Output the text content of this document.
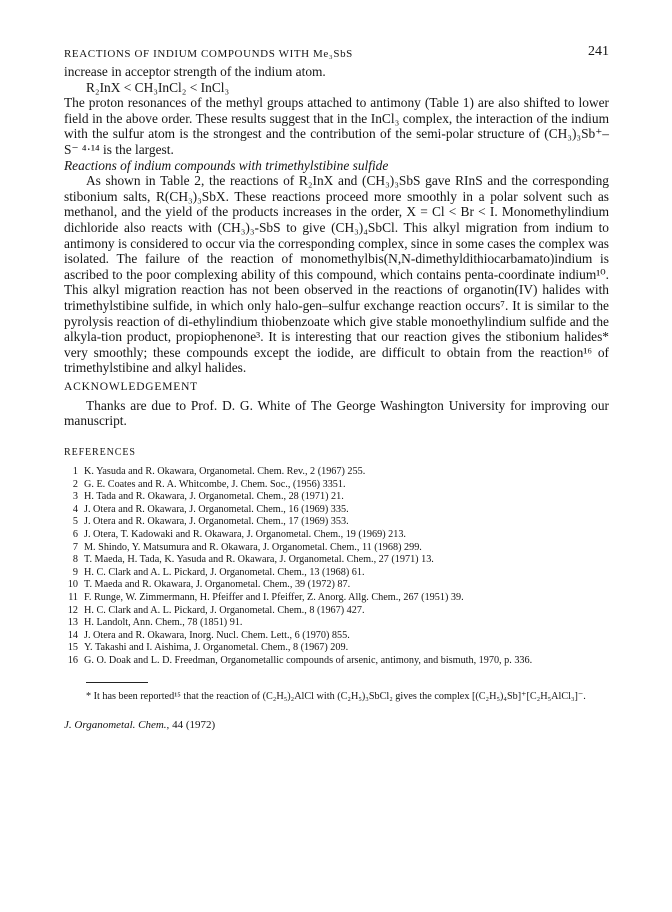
REACTIONS OF INDIUM COMPOUNDS WITH Me₃SbS	241

increase in acceptor strength of the indium atom.

R₂InX < CH₃InCl₂ < InCl₃

The proton resonances of the methyl groups attached to antimony (Table 1) are also shifted to lower field in the above order. These results suggest that in the InCl₃ complex, the interaction of the indium with the sulfur atom is the strongest and the contribution of the semi-polar structure of (CH₃)₃Sb⁺–S⁻ ⁴·¹⁴ is the largest.

Reactions of indium compounds with trimethylstibine sulfide

As shown in Table 2, the reactions of R₂InX and (CH₃)₃SbS gave RInS and the corresponding stibonium salts, R(CH₃)₃SbX. These reactions proceed more smoothly in a polar solvent such as methanol, and the yield of the products increases in the order, X = Cl < Br < I. Monomethylindium dichloride also reacts with (CH₃)₃-SbS to give (CH₃)₄SbCl. This alkyl migration from indium to antimony is considered to occur via the corresponding complex, since in some cases the complex was isolated. The failure of the reaction of monomethylbis(N,N-dimethyldithiocarbamato)indium is ascribed to the poor complexing ability of this compound, which contains penta-coordinate indium¹⁰. This alkyl migration reaction has not been observed in the reactions of organotin(IV) halides with trimethylstibine sulfide, in which only halo-gen–sulfur exchange reaction occurs⁷. It is similar to the pyrolysis reaction of di-ethylindium thiobenzoate which give stable monoethylindium sulfide and the alkyla-tion product, propiophenone³. It is interesting that our reaction gives the stibonium halides* very smoothly; these compounds except the iodide, are difficult to obtain from the reaction¹⁶ of trimethylstibine and alkyl halides.

ACKNOWLEDGEMENT

Thanks are due to Prof. D. G. White of The George Washington University for improving our manuscript.

REFERENCES
1 K. Yasuda and R. Okawara, Organometal. Chem. Rev., 2 (1967) 255.
2 G. E. Coates and R. A. Whitcombe, J. Chem. Soc., (1956) 3351.
3 H. Tada and R. Okawara, J. Organometal. Chem., 28 (1971) 21.
4 J. Otera and R. Okawara, J. Organometal. Chem., 16 (1969) 335.
5 J. Otera and R. Okawara, J. Organometal. Chem., 17 (1969) 353.
6 J. Otera, T. Kadowaki and R. Okawara, J. Organometal. Chem., 19 (1969) 213.
7 M. Shindo, Y. Matsumura and R. Okawara, J. Organometal. Chem., 11 (1968) 299.
8 T. Maeda, H. Tada, K. Yasuda and R. Okawara, J. Organometal. Chem., 27 (1971) 13.
9 H. C. Clark and A. L. Pickard, J. Organometal. Chem., 13 (1968) 61.
10 T. Maeda and R. Okawara, J. Organometal. Chem., 39 (1972) 87.
11 F. Runge, W. Zimmermann, H. Pfeiffer and I. Pfeiffer, Z. Anorg. Allg. Chem., 267 (1951) 39.
12 H. C. Clark and A. L. Pickard, J. Organometal. Chem., 8 (1967) 427.
13 H. Landolt, Ann. Chem., 78 (1851) 91.
14 J. Otera and R. Okawara, Inorg. Nucl. Chem. Lett., 6 (1970) 855.
15 Y. Takashi and I. Aishima, J. Organometal. Chem., 8 (1967) 209.
16 G. O. Doak and L. D. Freedman, Organometallic compounds of arsenic, antimony, and bismuth, 1970, p. 336.

* It has been reported¹⁵ that the reaction of (C₂H₅)₂AlCl with (C₂H₅)₃SbCl₂ gives the complex [(C₂H₅)₄Sb]⁺[C₂H₅AlCl₃]⁻.

J. Organometal. Chem., 44 (1972)
